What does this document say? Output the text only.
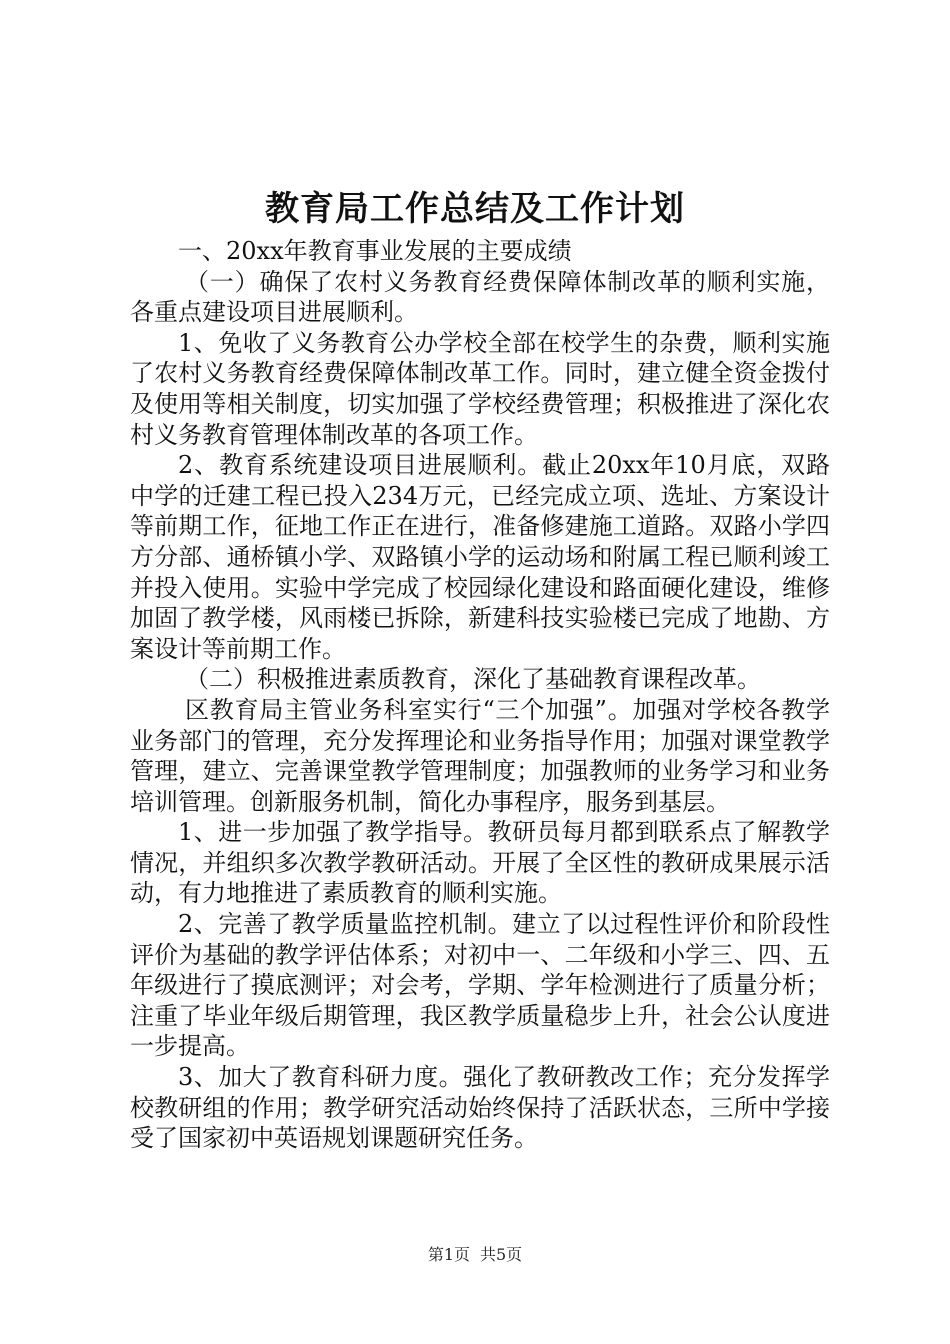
教育局工作总结及工作计划

一、20xx年教育事业发展的主要成绩

（一）确保了农村义务教育经费保障体制改革的顺利实施，各重点建设项目进展顺利。

1、免收了义务教育公办学校全部在校学生的杂费，顺利实施了农村义务教育经费保障体制改革工作。同时，建立健全资金拨付及使用等相关制度，切实加强了学校经费管理；积极推进了深化农村义务教育管理体制改革的各项工作。

2、教育系统建设项目进展顺利。截止20xx年10月底，双路中学的迁建工程已投入234万元，已经完成立项、选址、方案设计等前期工作，征地工作正在进行，准备修建施工道路。双路小学四方分部、通桥镇小学、双路镇小学的运动场和附属工程已顺利竣工并投入使用。实验中学完成了校园绿化建设和路面硬化建设，维修加固了教学楼，风雨楼已拆除，新建科技实验楼已完成了地勘、方案设计等前期工作。

（二）积极推进素质教育，深化了基础教育课程改革。

区教育局主管业务科室实行“三个加强”。加强对学校各教学业务部门的管理，充分发挥理论和业务指导作用；加强对课堂教学管理，建立、完善课堂教学管理制度；加强教师的业务学习和业务培训管理。创新服务机制，简化办事程序，服务到基层。

1、进一步加强了教学指导。教研员每月都到联系点了解教学情况，并组织多次教学教研活动。开展了全区性的教研成果展示活动，有力地推进了素质教育的顺利实施。

2、完善了教学质量监控机制。建立了以过程性评价和阶段性评价为基础的教学评估体系；对初中一、二年级和小学三、四、五年级进行了摸底测评；对会考，学期、学年检测进行了质量分析；注重了毕业年级后期管理，我区教学质量稳步上升，社会公认度进一步提高。

3、加大了教育科研力度。强化了教研教改工作；充分发挥学校教研组的作用；教学研究活动始终保持了活跃状态，三所中学接受了国家初中英语规划课题研究任务。

第1页 共5页
